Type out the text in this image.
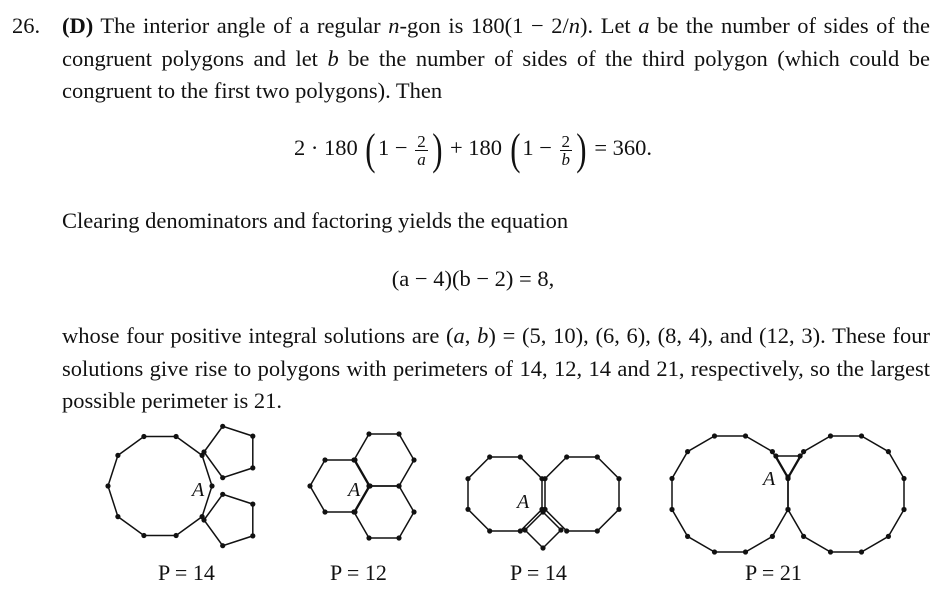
26. (D) The interior angle of a regular n-gon is 180(1 − 2/n). Let a be the number of sides of the congruent polygons and let b be the number of sides of the third polygon (which could be congruent to the first two polygons). Then

2 · 180 ($1 - \frac{2}{a}$ ) + 180 ($1 - \frac{2}{b}$ ) = 360.

Clearing denominators and factoring yields the equation

(a − 4)(b − 2) = 8,

whose four positive integral solutions are (a, b) = (5, 10), (6, 6), (8, 4), and (12, 3). These four solutions give rise to polygons with perimeters of 14, 12, 14 and 21, respectively, so the largest possible perimeter is 21.

A	A
A
A
P = 14	P = 12	P = 14	P = 21
